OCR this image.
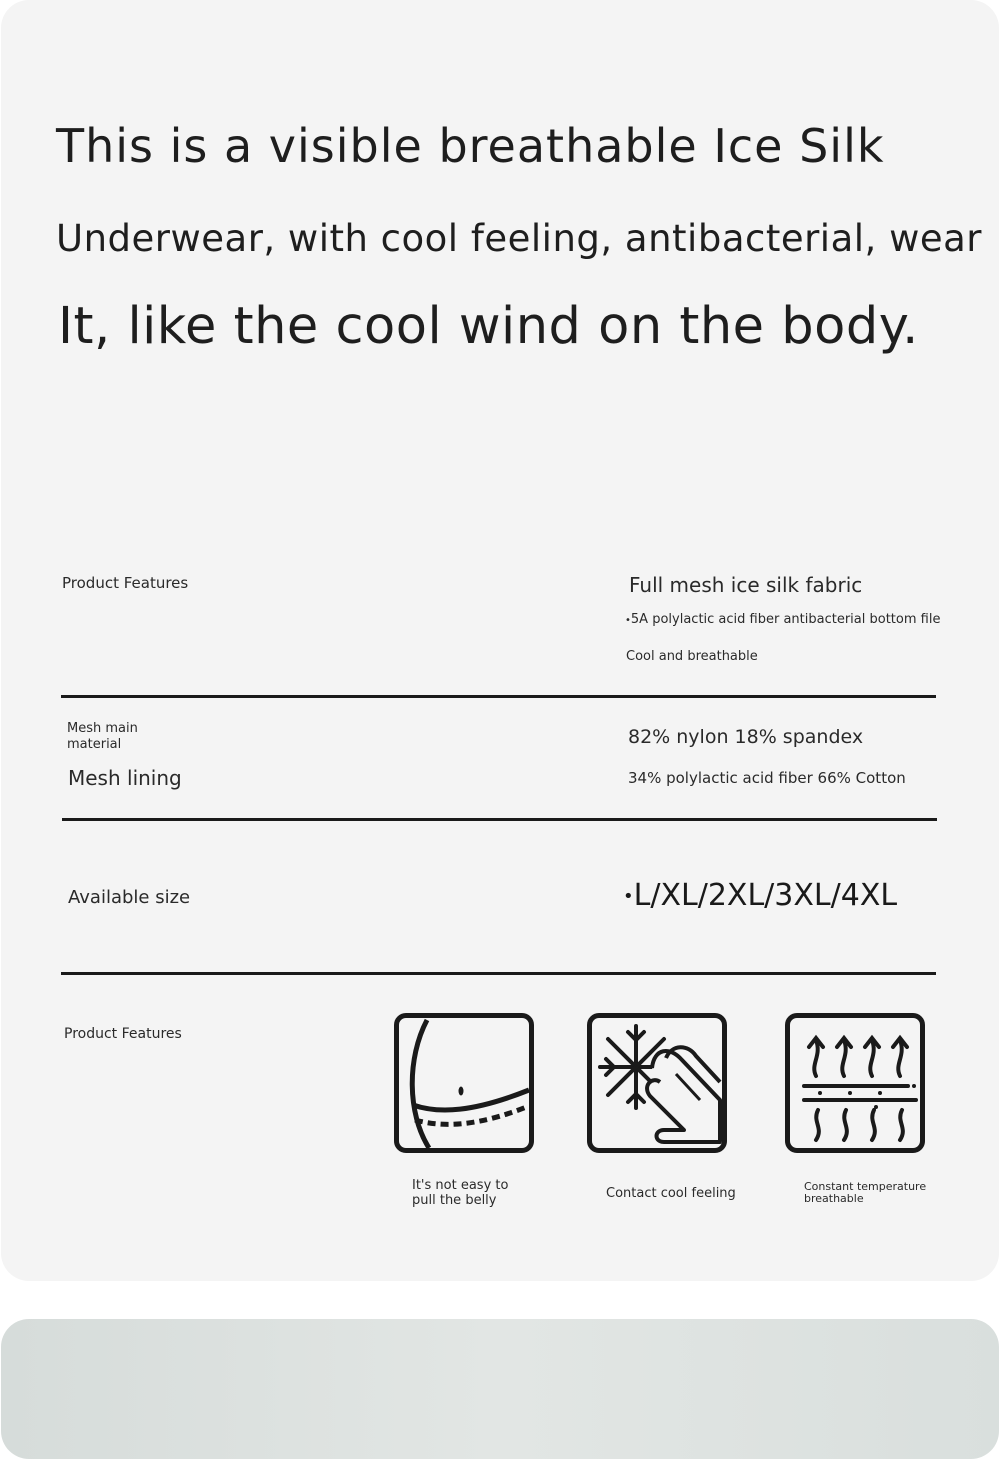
This is a visible breathable Ice Silk
Underwear, with cool feeling, antibacterial, wear
It, like the cool wind on the body.
Product Features	Full mesh ice silk fabric
•5A polylactic acid fiber antibacterial bottom file
Cool and breathable
Mesh main material	82% nylon 18% spandex
Mesh lining	34% polylactic acid fiber 66% Cotton
Available size	•L/XL/2XL/3XL/4XL
Product Features
It's not easy to pull the belly	Contact cool feeling	Constant temperature breathable
